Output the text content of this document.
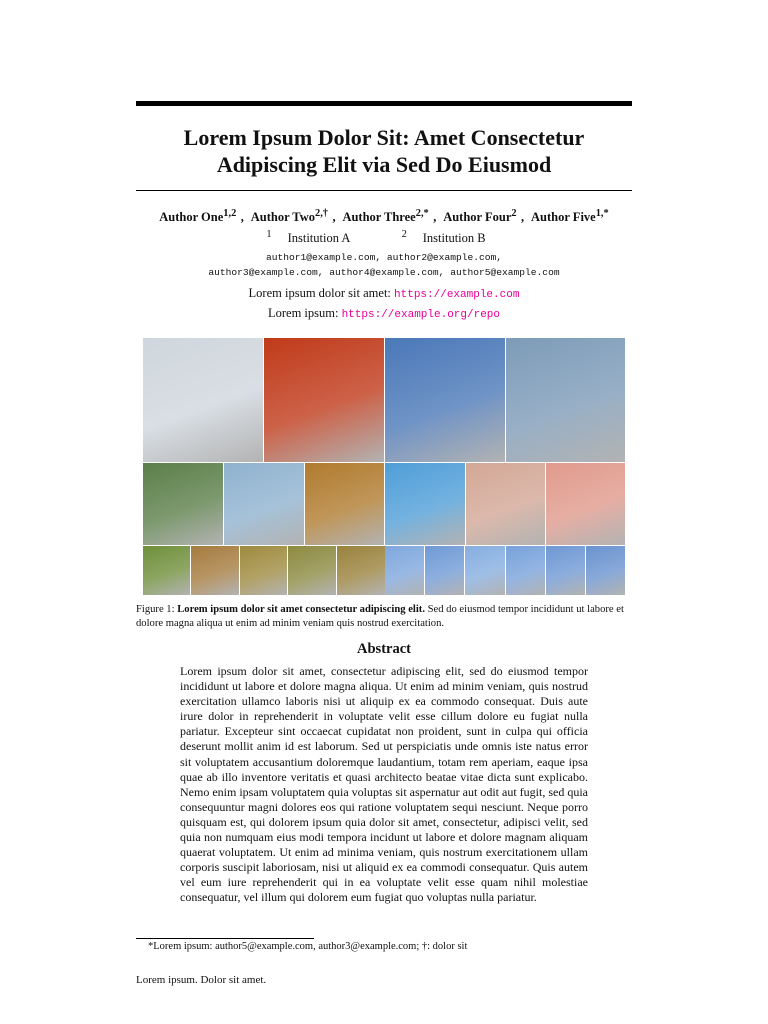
Lorem Ipsum Dolor Sit: Amet Consectetur
Adipiscing Elit via Sed Do Eiusmod
Author One$^{1,2}$ , Author Two$^{2,\dagger}$ , Author Three$^{2,*}$ , Author Four$^2$ , Author Five$^{1,*}$
$^1$ Institution A	$^2$ Institution B
author1@example.com, author2@example.com,
author3@example.com, author4@example.com, author5@example.com
Lorem ipsum dolor sit amet: https://example.com
Lorem ipsum: https://example.org/repo
Figure 1: Lorem ipsum dolor sit amet consectetur adipiscing elit. Sed do eiusmod tempor incididunt ut labore et dolore magna aliqua ut enim ad minim veniam quis nostrud exercitation.
Abstract
Lorem ipsum dolor sit amet, consectetur adipiscing elit, sed do eiusmod tempor incididunt ut labore et dolore magna aliqua. Ut enim ad minim veniam, quis nostrud exercitation ullamco laboris nisi ut aliquip ex ea commodo consequat. Duis aute irure dolor in reprehenderit in voluptate velit esse cillum dolore eu fugiat nulla pariatur. Excepteur sint occaecat cupidatat non proident, sunt in culpa qui officia deserunt mollit anim id est laborum. Sed ut perspiciatis unde omnis iste natus error sit voluptatem accusantium doloremque laudantium, totam rem aperiam, eaque ipsa quae ab illo inventore veritatis et quasi architecto beatae vitae dicta sunt explicabo. Nemo enim ipsam voluptatem quia voluptas sit aspernatur aut odit aut fugit, sed quia consequuntur magni dolores eos qui ratione voluptatem sequi nesciunt. Neque porro quisquam est, qui dolorem ipsum quia dolor sit amet, consectetur, adipisci velit, sed quia non numquam eius modi tempora incidunt ut labore et dolore magnam aliquam quaerat voluptatem. Ut enim ad minima veniam, quis nostrum exercitationem ullam corporis suscipit laboriosam, nisi ut aliquid ex ea commodi consequatur. Quis autem vel eum iure reprehenderit qui in ea voluptate velit esse quam nihil molestiae consequatur, vel illum qui dolorem eum fugiat quo voluptas nulla pariatur.
*Lorem ipsum: author5@example.com, author3@example.com; †: dolor sit
Lorem ipsum. Dolor sit amet.
